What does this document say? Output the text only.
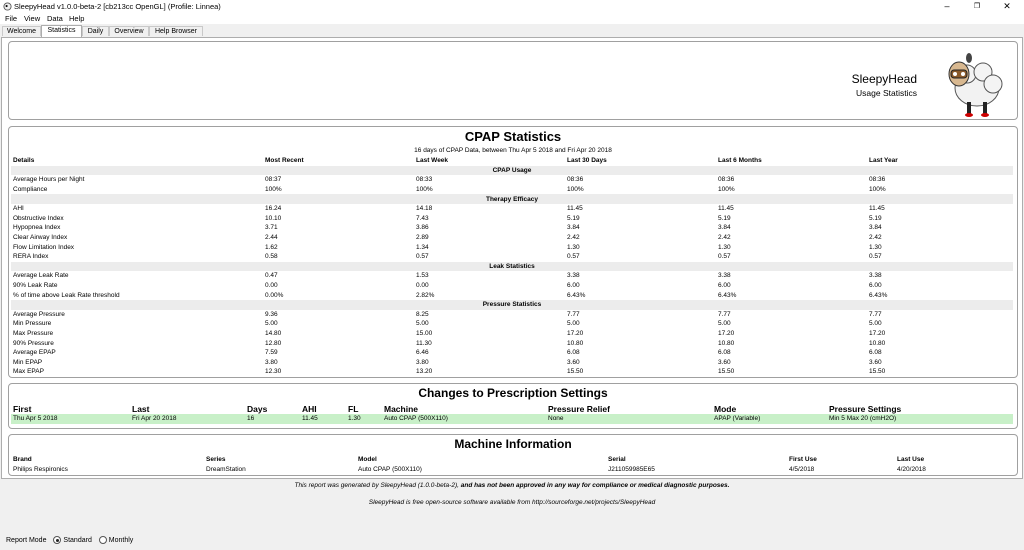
SleepyHead v1.0.0-beta-2 [cb213cc OpenGL] (Profile: Linnea)	–	❐	✕
File View Data Help
Welcome	Statistics	Daily	Overview	Help Browser
SleepyHead
Usage Statistics
CPAP Statistics
16 days of CPAP Data, between Thu Apr 5 2018 and Fri Apr 20 2018
Details	Most Recent	Last Week	Last 30 Days	Last 6 Months	Last Year
CPAP Usage					
Average Hours per Night	08:37	08:33	08:36	08:36	08:36
Compliance	100%	100%	100%	100%	100%
Therapy Efficacy					
AHI	16.24	14.18	11.45	11.45	11.45
Obstructive Index	10.10	7.43	5.19	5.19	5.19
Hypopnea Index	3.71	3.86	3.84	3.84	3.84
Clear Airway Index	2.44	2.89	2.42	2.42	2.42
Flow Limitation Index	1.62	1.34	1.30	1.30	1.30
RERA Index	0.58	0.57	0.57	0.57	0.57
Leak Statistics					
Average Leak Rate	0.47	1.53	3.38	3.38	3.38
90% Leak Rate	0.00	0.00	6.00	6.00	6.00
% of time above Leak Rate threshold	0.00%	2.82%	6.43%	6.43%	6.43%
Pressure Statistics					
Average Pressure	9.36	8.25	7.77	7.77	7.77
Min Pressure	5.00	5.00	5.00	5.00	5.00
Max Pressure	14.80	15.00	17.20	17.20	17.20
90% Pressure	12.80	11.30	10.80	10.80	10.80
Average EPAP	7.59	6.46	6.08	6.08	6.08
Min EPAP	3.80	3.80	3.60	3.60	3.60
Max EPAP	12.30	13.20	15.50	15.50	15.50
Changes to Prescription Settings
First	Last	Days	AHI	FL	Machine	Pressure Relief	Mode	Pressure Settings
Thu Apr 5 2018	Fri Apr 20 2018	16	11.45	1.30	Auto CPAP (500X110)	None	APAP (Variable)	Min 5 Max 20 (cmH2O)
Machine Information
Brand	Series	Model	Serial	First Use	Last Use
Philips Respironics	DreamStation	Auto CPAP (500X110)	J211059985E65	4/5/2018	4/20/2018
This report was generated by SleepyHead (1.0.0-beta-2), and has not been approved in any way for compliance or medical diagnostic purposes.
SleepyHead is free open-source software available from http://sourceforge.net/projects/SleepyHead
Report Mode Standard Monthly
